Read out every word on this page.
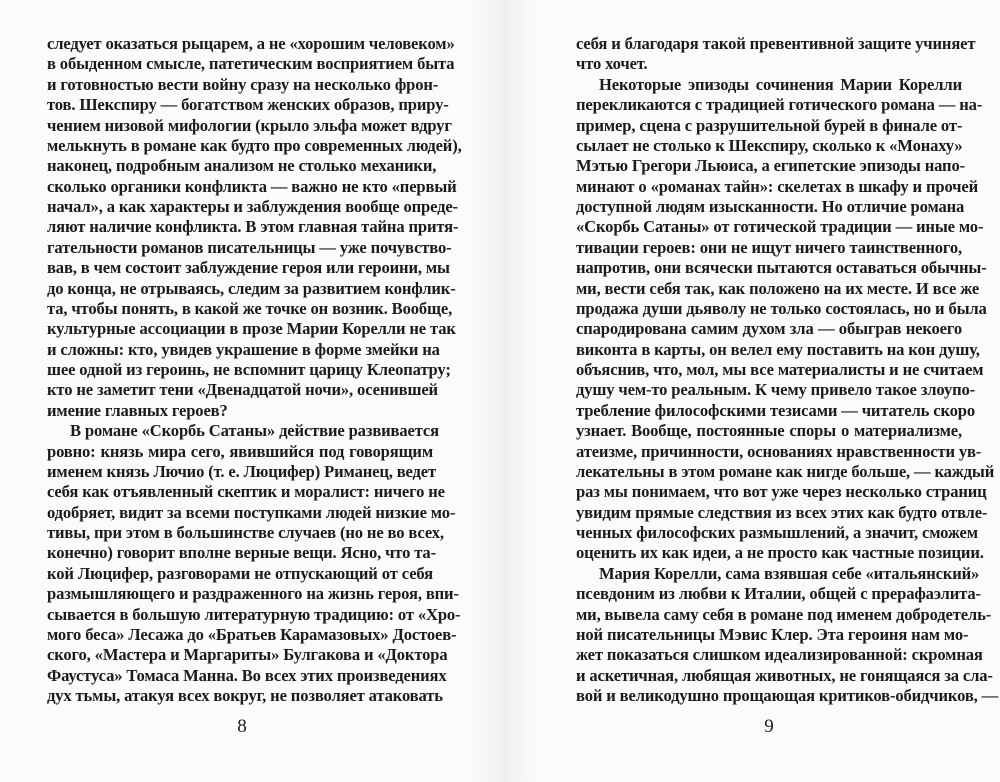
следует оказаться рыцарем, а не «хорошим человеком»
в обыденном смысле, патетическим восприятием быта
и готовностью вести войну сразу на несколько фрон-
тов. Шекспиру — богатством женских образов, приру-
чением низовой мифологии (крыло эльфа может вдруг
мелькнуть в романе как будто про современных людей),
наконец, подробным анализом не столько механики,
сколько органики конфликта — важно не кто «первый
начал», а как характеры и заблуждения вообще опреде-
ляют наличие конфликта. В этом главная тайна притя-
гательности романов писательницы — уже почувство-
вав, в чем состоит заблуждение героя или героини, мы
до конца, не отрываясь, следим за развитием конфлик-
та, чтобы понять, в какой же точке он возник. Вообще,
культурные ассоциации в прозе Марии Корелли не так
и сложны: кто, увидев украшение в форме змейки на
шее одной из героинь, не вспомнит царицу Клеопатру;
кто не заметит тени «Двенадцатой ночи», осенившей
имение главных героев?
В романе «Скорбь Сатаны» действие развивается
ровно: князь мира сего, явившийся под говорящим
именем князь Лючио (т. е. Люцифер) Риманец, ведет
себя как отъявленный скептик и моралист: ничего не
одобряет, видит за всеми поступками людей низкие мо-
тивы, при этом в большинстве случаев (но не во всех,
конечно) говорит вполне верные вещи. Ясно, что та-
кой Люцифер, разговорами не отпускающий от себя
размышляющего и раздраженного на жизнь героя, впи-
сывается в большую литературную традицию: от «Хро-
мого беса» Лесажа до «Братьев Карамазовых» Достоев-
ского, «Мастера и Маргариты» Булгакова и «Доктора
Фаустуса» Томаса Манна. Во всех этих произведениях
дух тьмы, атакуя всех вокруг, не позволяет атаковать
себя и благодаря такой превентивной защите учиняет
что хочет.
Некоторые эпизоды сочинения Марии Корелли
перекликаются с традицией готического романа — на-
пример, сцена с разрушительной бурей в финале от-
сылает не столько к Шекспиру, сколько к «Монаху»
Мэтью Грегори Льюиса, а египетские эпизоды напо-
минают о «романах тайн»: скелетах в шкафу и прочей
доступной людям изысканности. Но отличие романа
«Скорбь Сатаны» от готической традиции — иные мо-
тивации героев: они не ищут ничего таинственного,
напротив, они всячески пытаются оставаться обычны-
ми, вести себя так, как положено на их месте. И все же
продажа души дьяволу не только состоялась, но и была
спародирована самим духом зла — обыграв некоего
виконта в карты, он велел ему поставить на кон душу,
объяснив, что, мол, мы все материалисты и не считаем
душу чем-то реальным. К чему привело такое злоупо-
требление философскими тезисами — читатель скоро
узнает. Вообще, постоянные споры о материализме,
атеизме, причинности, основаниях нравственности ув-
лекательны в этом романе как нигде больше, — каждый
раз мы понимаем, что вот уже через несколько страниц
увидим прямые следствия из всех этих как будто отвле-
ченных философских размышлений, а значит, сможем
оценить их как идеи, а не просто как частные позиции.
Мария Корелли, сама взявшая себе «итальянский»
псевдоним из любви к Италии, общей с прерафаэлита-
ми, вывела саму себя в романе под именем добродетель-
ной писательницы Мэвис Клер. Эта героиня нам мо-
жет показаться слишком идеализированной: скромная
и аскетичная, любящая животных, не гонящаяся за сла-
вой и великодушно прощающая критиков-обидчиков, —
8	9
